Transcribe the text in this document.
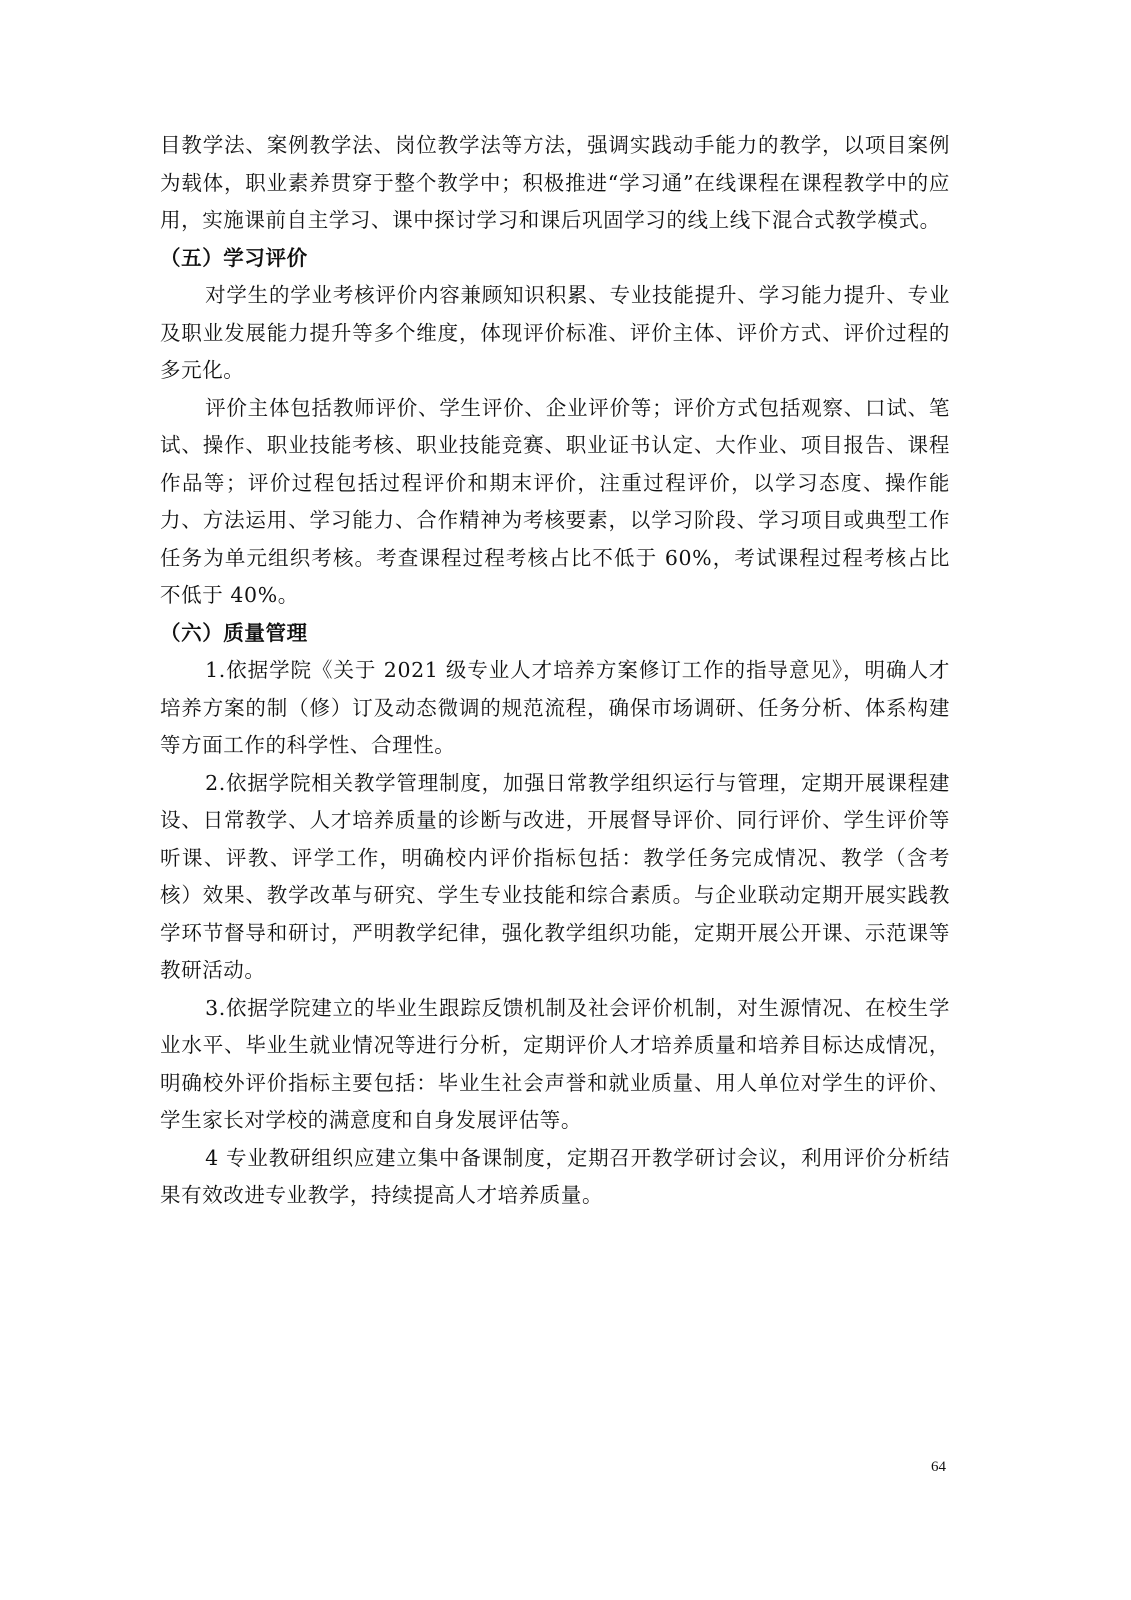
目教学法、案例教学法、岗位教学法等方法，强调实践动手能力的教学，以项目案例为载体，职业素养贯穿于整个教学中；积极推进“学习通”在线课程在课程教学中的应用，实施课前自主学习、课中探讨学习和课后巩固学习的线上线下混合式教学模式。

（五）学习评价

对学生的学业考核评价内容兼顾知识积累、专业技能提升、学习能力提升、专业及职业发展能力提升等多个维度，体现评价标准、评价主体、评价方式、评价过程的多元化。

评价主体包括教师评价、学生评价、企业评价等；评价方式包括观察、口试、笔试、操作、职业技能考核、职业技能竞赛、职业证书认定、大作业、项目报告、课程作品等；评价过程包括过程评价和期末评价，注重过程评价，以学习态度、操作能力、方法运用、学习能力、合作精神为考核要素，以学习阶段、学习项目或典型工作任务为单元组织考核。考查课程过程考核占比不低于 60%，考试课程过程考核占比不低于 40%。

（六）质量管理

1.依据学院《关于 2021 级专业人才培养方案修订工作的指导意见》，明确人才培养方案的制（修）订及动态微调的规范流程，确保市场调研、任务分析、体系构建等方面工作的科学性、合理性。

2.依据学院相关教学管理制度，加强日常教学组织运行与管理，定期开展课程建设、日常教学、人才培养质量的诊断与改进，开展督导评价、同行评价、学生评价等听课、评教、评学工作，明确校内评价指标包括：教学任务完成情况、教学（含考核）效果、教学改革与研究、学生专业技能和综合素质。与企业联动定期开展实践教学环节督导和研讨，严明教学纪律，强化教学组织功能，定期开展公开课、示范课等教研活动。

3.依据学院建立的毕业生跟踪反馈机制及社会评价机制，对生源情况、在校生学业水平、毕业生就业情况等进行分析，定期评价人才培养质量和培养目标达成情况，明确校外评价指标主要包括：毕业生社会声誉和就业质量、用人单位对学生的评价、学生家长对学校的满意度和自身发展评估等。

4 专业教研组织应建立集中备课制度，定期召开教学研讨会议，利用评价分析结果有效改进专业教学，持续提高人才培养质量。

64
